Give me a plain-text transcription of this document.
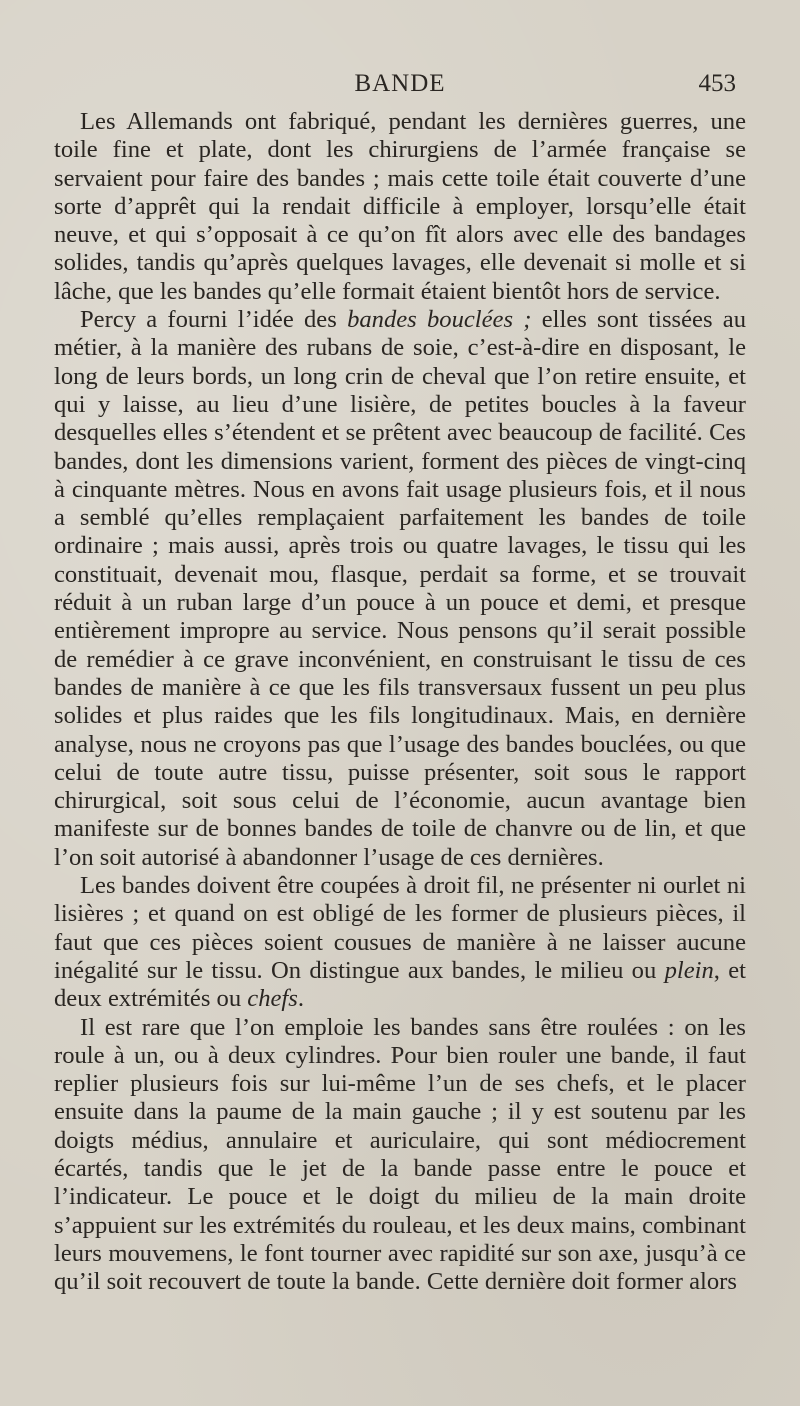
BANDE	453

Les Allemands ont fabriqué, pendant les dernières guerres, une toile fine et plate, dont les chirurgiens de l’armée française se servaient pour faire des bandes ; mais cette toile était couverte d’une sorte d’apprêt qui la rendait difficile à employer, lorsqu’elle était neuve, et qui s’opposait à ce qu’on fît alors avec elle des bandages solides, tandis qu’après quelques lavages, elle devenait si molle et si lâche, que les bandes qu’elle formait étaient bientôt hors de service.

Percy a fourni l’idée des bandes bouclées ; elles sont tissées au métier, à la manière des rubans de soie, c’est-à-dire en disposant, le long de leurs bords, un long crin de cheval que l’on retire ensuite, et qui y laisse, au lieu d’une lisière, de petites boucles à la faveur desquelles elles s’étendent et se prêtent avec beaucoup de facilité. Ces bandes, dont les dimensions varient, forment des pièces de vingt-cinq à cinquante mètres. Nous en avons fait usage plusieurs fois, et il nous a semblé qu’elles remplaçaient parfaitement les bandes de toile ordinaire ; mais aussi, après trois ou quatre lavages, le tissu qui les constituait, devenait mou, flasque, perdait sa forme, et se trouvait réduit à un ruban large d’un pouce à un pouce et demi, et presque entièrement impropre au service. Nous pensons qu’il serait possible de remédier à ce grave inconvénient, en construisant le tissu de ces bandes de manière à ce que les fils transversaux fussent un peu plus solides et plus raides que les fils longitudinaux. Mais, en dernière analyse, nous ne croyons pas que l’usage des bandes bouclées, ou que celui de toute autre tissu, puisse présenter, soit sous le rapport chirurgical, soit sous celui de l’économie, aucun avantage bien manifeste sur de bonnes bandes de toile de chanvre ou de lin, et que l’on soit autorisé à abandonner l’usage de ces dernières.

Les bandes doivent être coupées à droit fil, ne présenter ni ourlet ni lisières ; et quand on est obligé de les former de plusieurs pièces, il faut que ces pièces soient cousues de manière à ne laisser aucune inégalité sur le tissu. On distingue aux bandes, le milieu ou plein, et deux extrémités ou chefs.

Il est rare que l’on emploie les bandes sans être roulées : on les roule à un, ou à deux cylindres. Pour bien rouler une bande, il faut replier plusieurs fois sur lui-même l’un de ses chefs, et le placer ensuite dans la paume de la main gauche ; il y est soutenu par les doigts médius, annulaire et auriculaire, qui sont médiocrement écartés, tandis que le jet de la bande passe entre le pouce et l’indicateur. Le pouce et le doigt du milieu de la main droite s’appuient sur les extrémités du rouleau, et les deux mains, combinant leurs mouvemens, le font tourner avec rapidité sur son axe, jusqu’à ce qu’il soit recouvert de toute la bande. Cette dernière doit former alors
